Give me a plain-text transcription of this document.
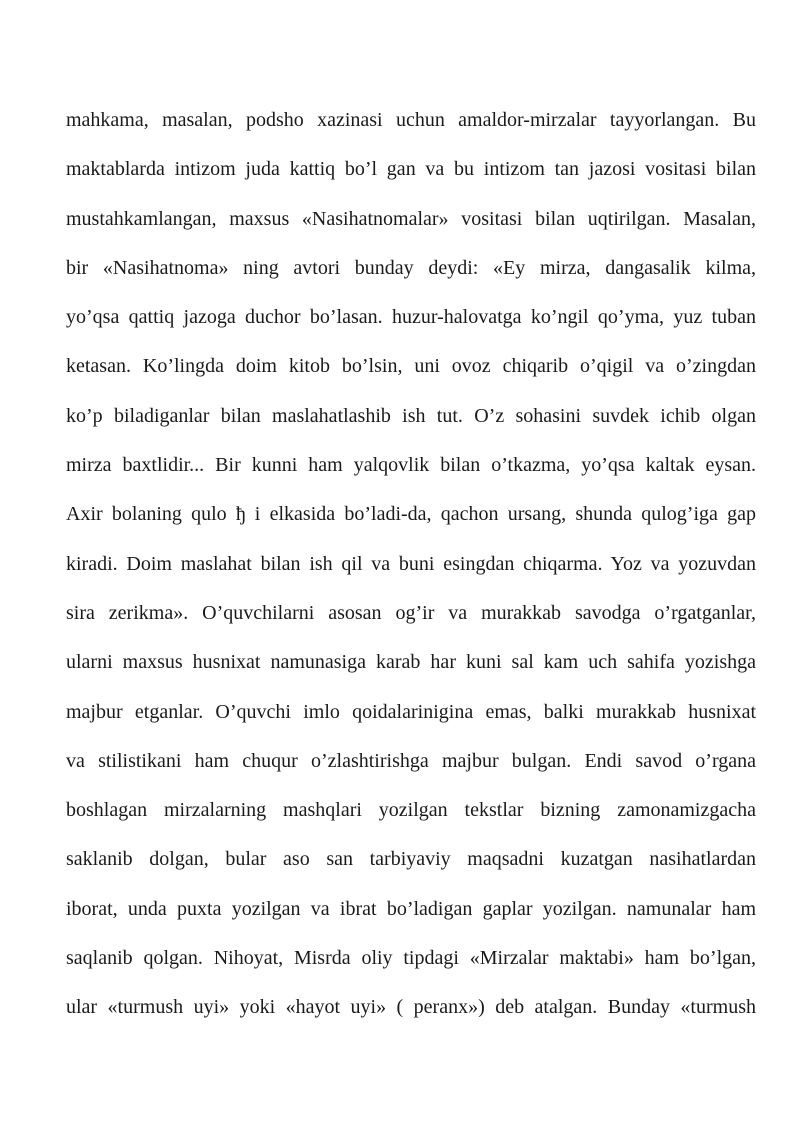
mahkama, masalan, podsho xazinasi uchun amaldor-mirzalar tayyorlangan. Bu
maktablarda intizom juda kattiq bo’l gan va bu intizom tan jazosi vositasi bilan
mustahkamlangan, maxsus «Nasihatnomalar» vositasi bilan uqtirilgan. Masalan,
bir «Nasihatnoma» ning avtori bunday deydi: «Ey mirza, dangasalik kilma,
yo’qsa qattiq jazoga duchor bo’lasan. huzur-halovatga ko’ngil qo’yma, yuz tuban
ketasan. Ko’lingda doim kitob bo’lsin, uni ovoz chiqarib o’qigil va o’zingdan
ko’p biladiganlar bilan maslahatlashib ish tut. O’z sohasini suvdek ichib olgan
mirza baxtlidir... Bir kunni ham yalqovlik bilan o’tkazma, yo’qsa kaltak eysan.
Axir bolaning qulo ђ i elkasida bo’ladi-da, qachon ursang, shunda qulog’iga gap
kiradi. Doim maslahat bilan ish qil va buni esingdan chiqarma. Yoz va yozuvdan
sira zerikma». O’quvchilarni asosan og’ir va murakkab savodga o’rgatganlar,
ularni maxsus husnixat namunasiga karab har kuni sal kam uch sahifa yozishga
majbur etganlar. O’quvchi imlo qoidalarinigina emas, balki murakkab husnixat
va stilistikani ham chuqur o’zlashtirishga majbur bulgan. Endi savod o’rgana
boshlagan mirzalarning mashqlari yozilgan tekstlar bizning zamonamizgacha
saklanib dolgan, bular aso san tarbiyaviy maqsadni kuzatgan nasihatlardan
iborat, unda puxta yozilgan va ibrat bo’ladigan gaplar yozilgan. namunalar ham
saqlanib qolgan. Nihoyat, Misrda oliy tipdagi «Mirzalar maktabi» ham bo’lgan,
ular «turmush uyi» yoki «hayot uyi» ( peranx») deb atalgan. Bunday «turmush
